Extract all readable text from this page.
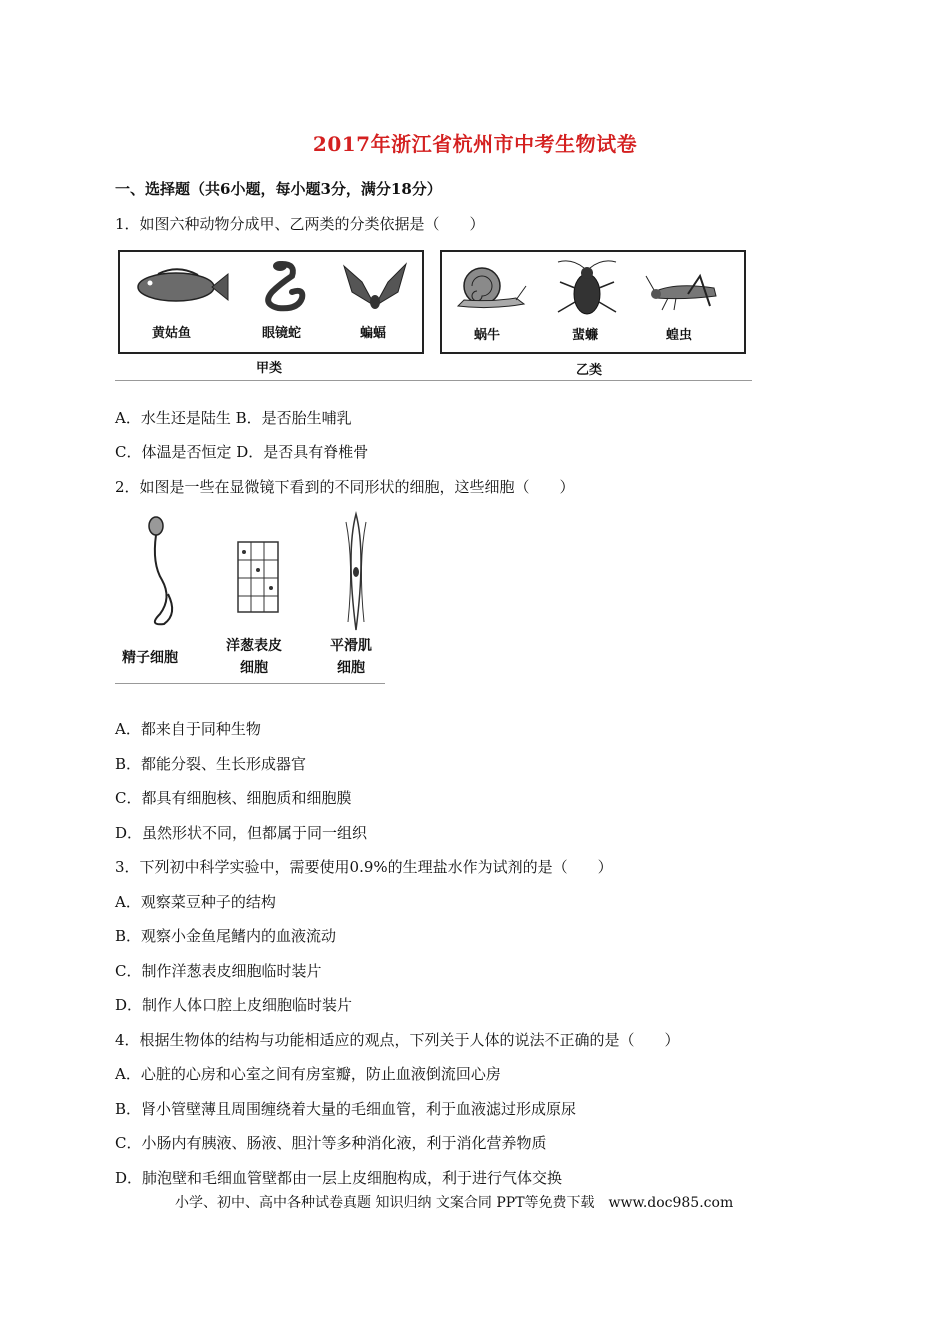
2017年浙江省杭州市中考生物试卷
一、选择题（共6小题，每小题3分，满分18分）
1．如图六种动物分成甲、乙两类的分类依据是（　　）
黄姑鱼	眼镜蛇	蝙蝠	蜗牛	蜚蠊	蝗虫
甲类	乙类
A．水生还是陆生 B．是否胎生哺乳
C．体温是否恒定 D．是否具有脊椎骨
2．如图是一些在显微镜下看到的不同形状的细胞，这些细胞（　　）
精子细胞
洋葱表皮
细胞
平滑肌
细胞
A．都来自于同种生物
B．都能分裂、生长形成器官
C．都具有细胞核、细胞质和细胞膜
D．虽然形状不同，但都属于同一组织
3．下列初中科学实验中，需要使用0.9%的生理盐水作为试剂的是（　　）
A．观察菜豆种子的结构
B．观察小金鱼尾鳍内的血液流动
C．制作洋葱表皮细胞临时装片
D．制作人体口腔上皮细胞临时装片
4．根据生物体的结构与功能相适应的观点，下列关于人体的说法不正确的是（　　）
A．心脏的心房和心室之间有房室瓣，防止血液倒流回心房
B．肾小管壁薄且周围缠绕着大量的毛细血管，利于血液滤过形成原尿
C．小肠内有胰液、肠液、胆汁等多种消化液，利于消化营养物质
D．肺泡壁和毛细血管壁都由一层上皮细胞构成，利于进行气体交换
小学、初中、高中各种试卷真题 知识归纳 文案合同 PPT等免费下载　www.doc985.com
